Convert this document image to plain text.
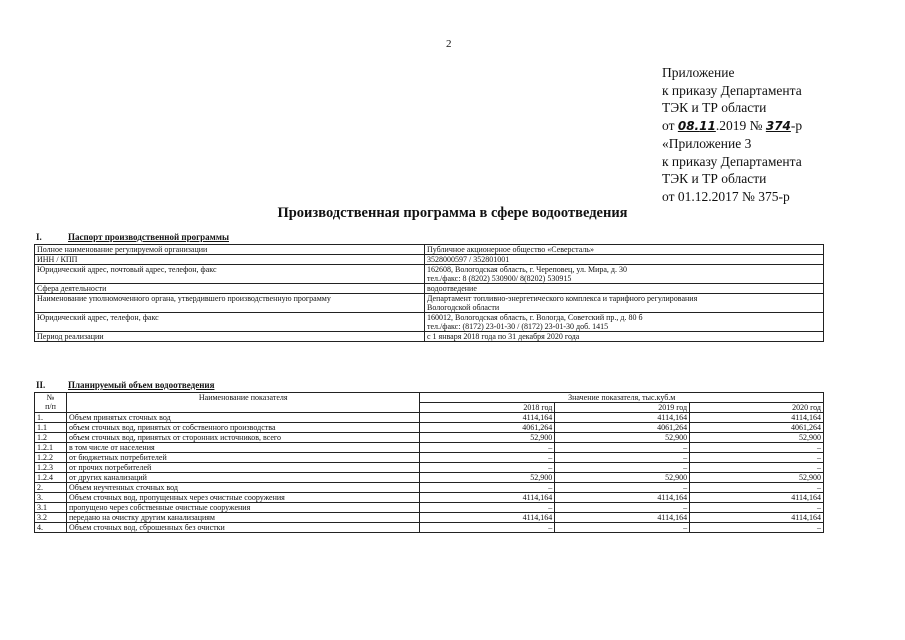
2
Приложение
к приказу Департамента
ТЭК и ТР области
от 08.11.2019 № 374-р
«Приложение 3
к приказу Департамента
ТЭК и ТР области
от 01.12.2017 № 375-р
Производственная программа в сфере водоотведения
I.	Паспорт производственной программы
Полное наименование регулируемой организации	Публичное акционерное общество «Северсталь»
ИНН / КПП	3528000597 / 352801001
Юридический адрес, почтовый адрес, телефон, факс	162608, Вологодская область, г. Череповец, ул. Мира, д. 30
тел./факс: 8 (8202) 530900/ 8(8202) 530915

Сфера деятельности	водоотведение
Наименование уполномоченного органа, утвердившего производственную программу	Департамент топливно-энергетического комплекса и тарифного регулирования
Вологодской области

Юридический адрес, телефон, факс	160012, Вологодская область, г. Вологда, Советский пр., д. 80 б
тел./факс: (8172) 23-01-30 / (8172) 23-01-30 доб. 1415

Период реализации	с 1 января 2018 года по 31 декабря 2020 года
II.	Планируемый объем водоотведения
№
п/п	Наименование показателя	Значение показателя, тыс.куб.м		
		2018 год	2019 год	2020 год
1.	Объем принятых сточных вод	4114,164	4114,164	4114,164
1.1	объем сточных вод, принятых от собственного производства	4061,264	4061,264	4061,264
1.2	объем сточных вод, принятых от сторонних источников, всего	52,900	52,900	52,900
1.2.1	в том числе от населения	–	–	–
1.2.2	от бюджетных потребителей	–	–	–
1.2.3	от прочих потребителей	–	–	–
1.2.4	от других канализаций	52,900	52,900	52,900
2.	Объем неучтенных сточных вод	–	–	–
3.	Объем сточных вод, пропущенных через очистные сооружения	4114,164	4114,164	4114,164
3.1	пропущено через собственные очистные сооружения	–	–	–
3.2	передано на очистку другим канализациям	4114,164	4114,164	4114,164
4.	Объем сточных вод, сброшенных без очистки	–	–	–
